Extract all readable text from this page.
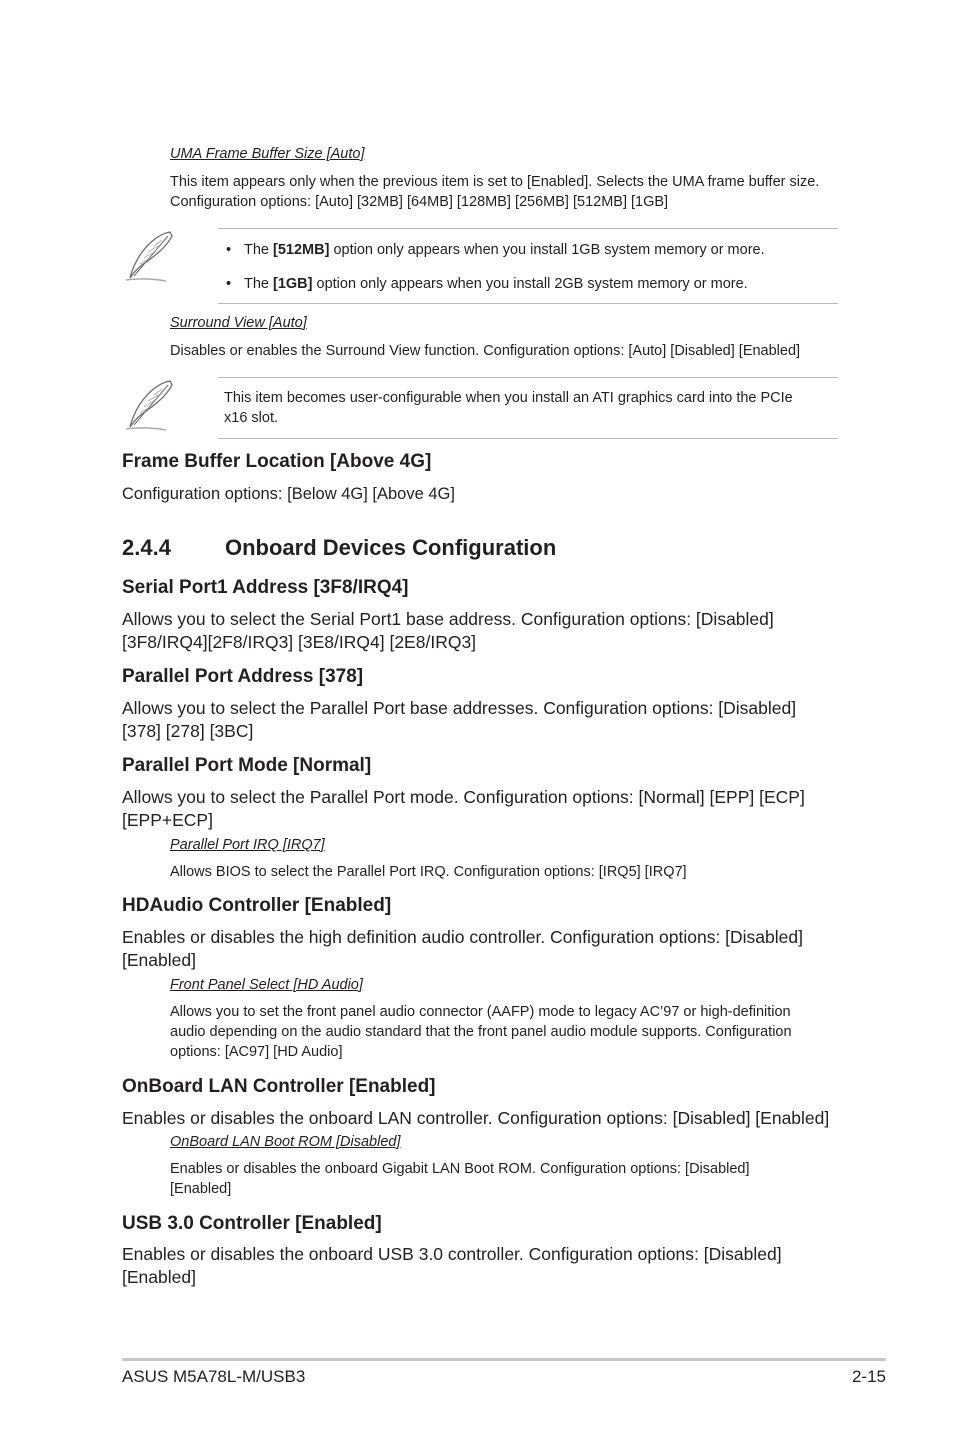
UMA Frame Buffer Size [Auto]
This item appears only when the previous item is set to [Enabled]. Selects the UMA frame buffer size. Configuration options: [Auto] [32MB] [64MB] [128MB] [256MB] [512MB] [1GB]
• The [512MB] option only appears when you install 1GB system memory or more.
• The [1GB] option only appears when you install 2GB system memory or more.
Surround View [Auto]
Disables or enables the Surround View function. Configuration options: [Auto] [Disabled] [Enabled]
This item becomes user-configurable when you install an ATI graphics card into the PCIe x16 slot.
Frame Buffer Location [Above 4G]
Configuration options: [Below 4G] [Above 4G]
2.4.4 Onboard Devices Configuration
Serial Port1 Address [3F8/IRQ4]
Allows you to select the Serial Port1 base address. Configuration options: [Disabled] [3F8/IRQ4][2F8/IRQ3] [3E8/IRQ4] [2E8/IRQ3]
Parallel Port Address [378]
Allows you to select the Parallel Port base addresses. Configuration options: [Disabled] [378] [278] [3BC]
Parallel Port Mode [Normal]
Allows you to select the Parallel Port mode. Configuration options: [Normal] [EPP] [ECP] [EPP+ECP]
Parallel Port IRQ [IRQ7]
Allows BIOS to select the Parallel Port IRQ. Configuration options: [IRQ5] [IRQ7]
HDAudio Controller [Enabled]
Enables or disables the high definition audio controller. Configuration options: [Disabled] [Enabled]
Front Panel Select [HD Audio]
Allows you to set the front panel audio connector (AAFP) mode to legacy AC’97 or high-definition audio depending on the audio standard that the front panel audio module supports. Configuration options: [AC97] [HD Audio]
OnBoard LAN Controller [Enabled]
Enables or disables the onboard LAN controller. Configuration options: [Disabled] [Enabled]
OnBoard LAN Boot ROM [Disabled]
Enables or disables the onboard Gigabit LAN Boot ROM. Configuration options: [Disabled] [Enabled]
USB 3.0 Controller [Enabled]
Enables or disables the onboard USB 3.0 controller. Configuration options: [Disabled] [Enabled]
ASUS M5A78L-M/USB3	2-15
